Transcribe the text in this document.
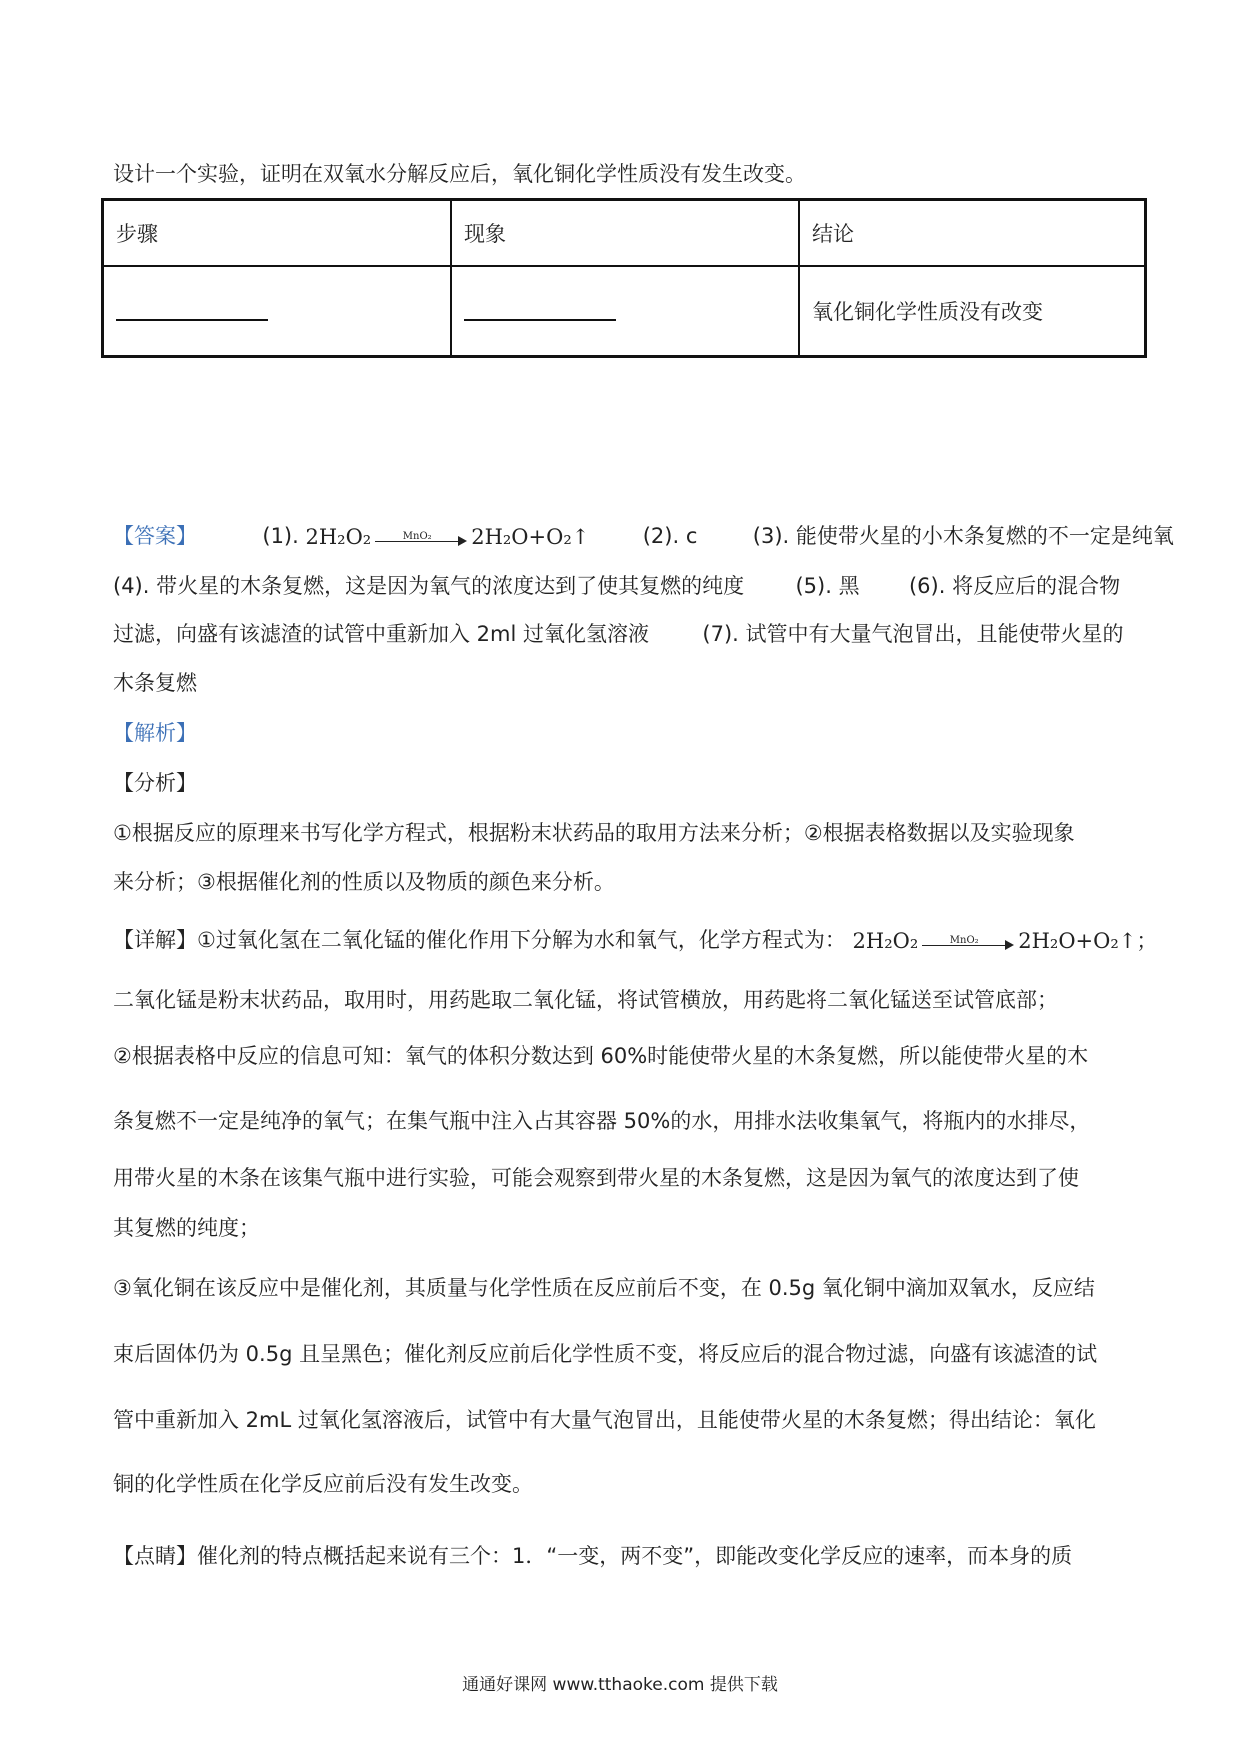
设计一个实验，证明在双氧水分解反应后，氧化铜化学性质没有发生改变。
步骤	现象	结论
		氧化铜化学性质没有改变
【答案】	(1). 2H₂O₂	MnO₂	2H₂O+O₂↑	(2). c	(3). 能使带火星的小木条复燃的不一定是纯氧
(4). 带火星的木条复燃，这是因为氧气的浓度达到了使其复燃的纯度 (5). 黑 (6). 将反应后的混合物
过滤，向盛有该滤渣的试管中重新加入 2ml 过氧化氢溶液	(7). 试管中有大量气泡冒出，且能使带火星的
木条复燃
【解析】
【分析】
①根据反应的原理来书写化学方程式，根据粉末状药品的取用方法来分析；②根据表格数据以及实验现象
来分析；③根据催化剂的性质以及物质的颜色来分析。
【详解】①过氧化氢在二氧化锰的催化作用下分解为水和氧气，化学方程式为： 2H₂O₂	MnO₂	2H₂O+O₂↑；
二氧化锰是粉末状药品，取用时，用药匙取二氧化锰，将试管横放，用药匙将二氧化锰送至试管底部；
②根据表格中反应的信息可知：氧气的体积分数达到 60%时能使带火星的木条复燃，所以能使带火星的木
条复燃不一定是纯净的氧气；在集气瓶中注入占其容器 50%的水，用排水法收集氧气，将瓶内的水排尽，
用带火星的木条在该集气瓶中进行实验，可能会观察到带火星的木条复燃，这是因为氧气的浓度达到了使
其复燃的纯度；
③氧化铜在该反应中是催化剂，其质量与化学性质在反应前后不变，在 0.5g 氧化铜中滴加双氧水，反应结
束后固体仍为 0.5g 且呈黑色；催化剂反应前后化学性质不变，将反应后的混合物过滤，向盛有该滤渣的试
管中重新加入 2mL 过氧化氢溶液后，试管中有大量气泡冒出，且能使带火星的木条复燃；得出结论：氧化
铜的化学性质在化学反应前后没有发生改变。
【点睛】催化剂的特点概括起来说有三个：1．“一变，两不变”，即能改变化学反应的速率，而本身的质
通通好课网 www.tthaoke.com 提供下载
